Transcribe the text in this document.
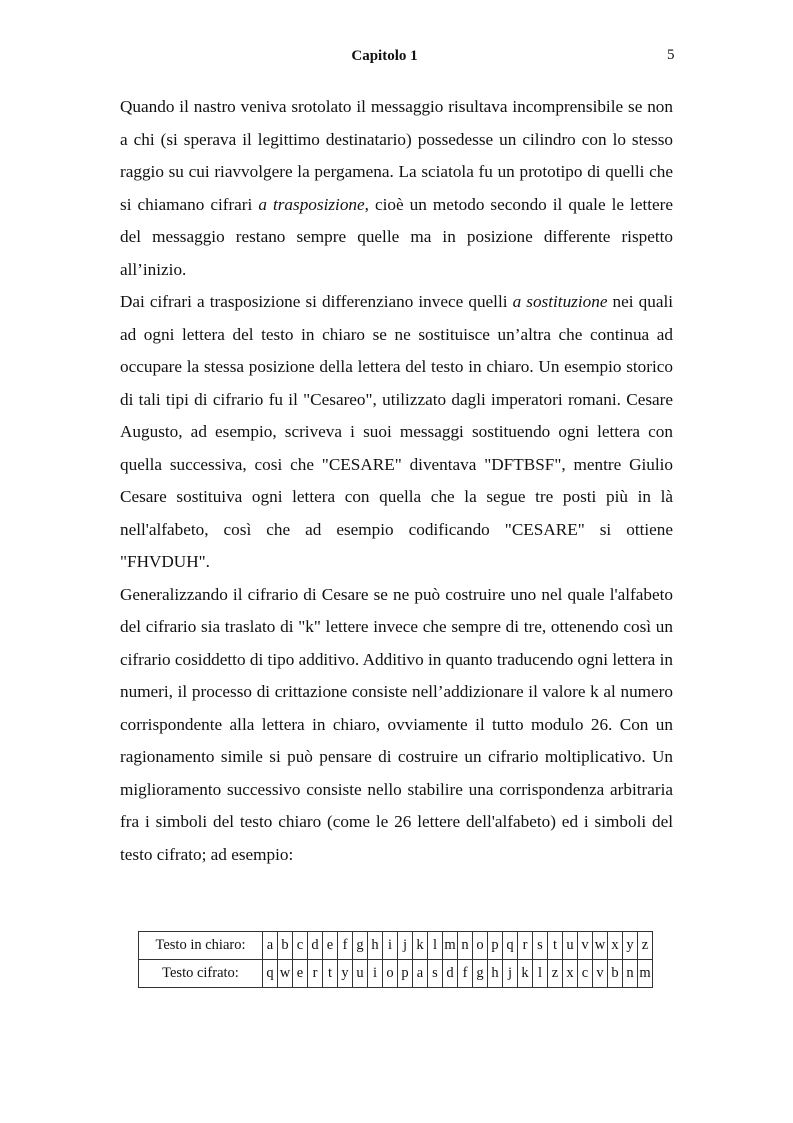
Capitolo 1	5

Quando il nastro veniva srotolato il messaggio risultava incomprensibile se non a chi (si sperava il legittimo destinatario) possedesse un cilindro con lo stesso raggio su cui riavvolgere la pergamena. La sciatola fu un prototipo di quelli che si chiamano cifrari a trasposizione, cioè un metodo secondo il quale le lettere del messaggio restano sempre quelle ma in posizione differente rispetto all’inizio.

Dai cifrari a trasposizione si differenziano invece quelli a sostituzione nei quali ad ogni lettera del testo in chiaro se ne sostituisce un’altra che continua ad occupare la stessa posizione della lettera del testo in chiaro. Un esempio storico di tali tipi di cifrario fu il "Cesareo", utilizzato dagli imperatori romani. Cesare Augusto, ad esempio, scriveva i suoi messaggi sostituendo ogni lettera con quella successiva, cosi che "CESARE" diventava "DFTBSF", mentre Giulio Cesare sostituiva ogni lettera con quella che la segue tre posti più in là nell'alfabeto, così che ad esempio codificando "CESARE" si ottiene "FHVDUH".

Generalizzando il cifrario di Cesare se ne può costruire uno nel quale l'alfabeto del cifrario sia traslato di "k" lettere invece che sempre di tre, ottenendo così un cifrario cosiddetto di tipo additivo. Additivo in quanto traducendo ogni lettera in numeri, il processo di crittazione consiste nell’addizionare il valore k al numero corrispondente alla lettera in chiaro, ovviamente il tutto modulo 26. Con un ragionamento simile si può pensare di costruire un cifrario moltiplicativo. Un miglioramento successivo consiste nello stabilire una corrispondenza arbitraria fra i simboli del testo chiaro (come le 26 lettere dell'alfabeto) ed i simboli del testo cifrato; ad esempio:

Testo in chiaro:	a	b	c	d	e	f	g	h	i	j	k	l	m	n	o	p	q	r	s	t	u	v	w	x	y	z
Testo cifrato:	q	w	e	r	t	y	u	i	o	p	a	s	d	f	g	h	j	k	l	z	x	c	v	b	n	m
